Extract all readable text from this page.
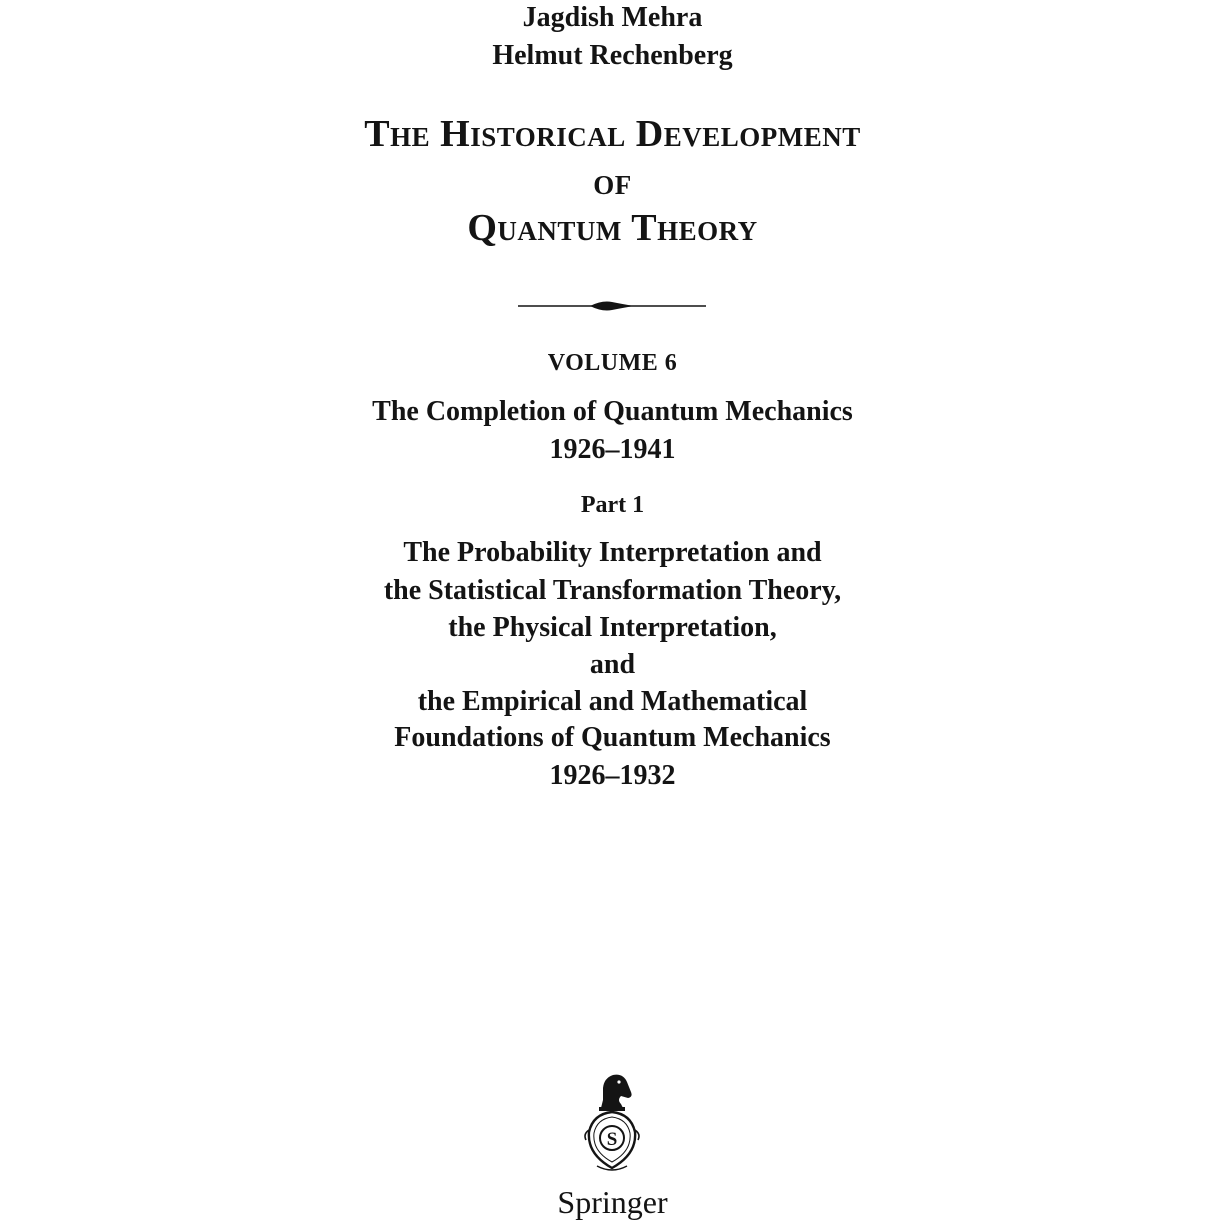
Jagdish Mehra
Helmut Rechenberg
The Historical Development
of
Quantum Theory
VOLUME 6
The Completion of Quantum Mechanics
1926–1941
Part 1
The Probability Interpretation and
the Statistical Transformation Theory,
the Physical Interpretation,
and
the Empirical and Mathematical
Foundations of Quantum Mechanics
1926–1932
S
Springer
